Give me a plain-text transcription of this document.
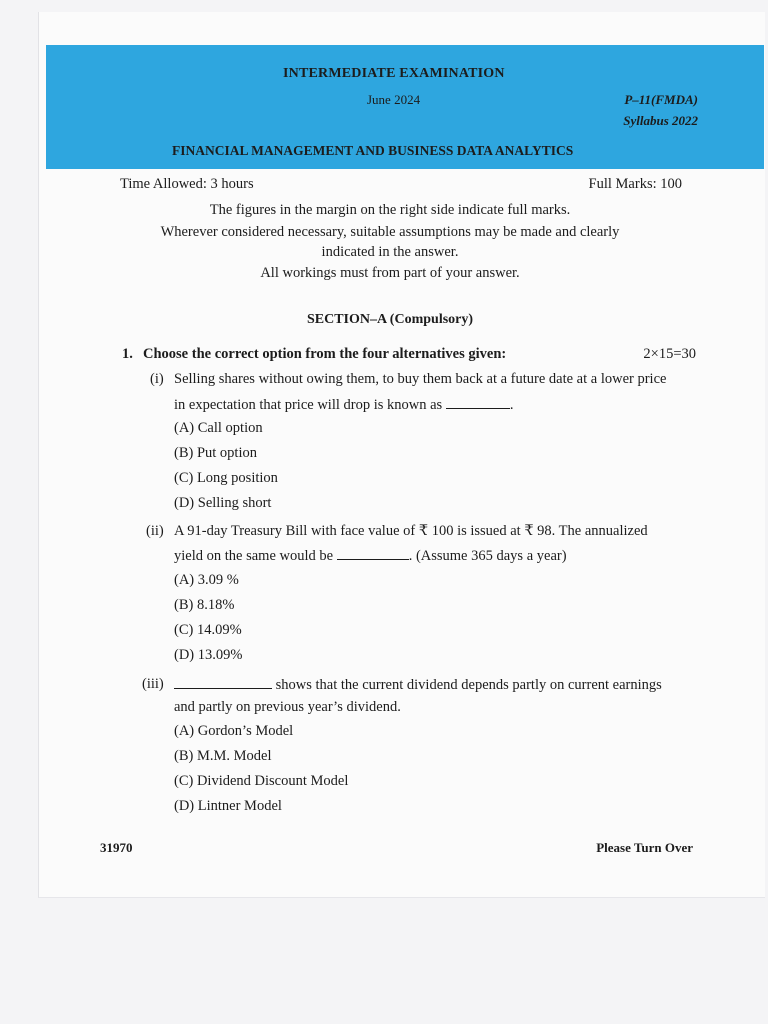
INTERMEDIATE EXAMINATION
June 2024	P–11(FMDA)
Syllabus 2022
FINANCIAL MANAGEMENT AND BUSINESS DATA ANALYTICS
Time Allowed: 3 hours	Full Marks: 100
The figures in the margin on the right side indicate full marks.
Wherever considered necessary, suitable assumptions may be made and clearly
indicated in the answer.
All workings must from part of your answer.
SECTION–A (Compulsory)
1. Choose the correct option from the four alternatives given:	2×15=30
(i) Selling shares without owing them, to buy them back at a future date at a lower price
in expectation that price will drop is known as	.
(A) Call option
(B) Put option
(C) Long position
(D) Selling short
(ii) A 91-day Treasury Bill with face value of ₹ 100 is issued at ₹ 98. The annualized
yield on the same would be	. (Assume 365 days a year)
(A) 3.09 %
(B) 8.18%
(C) 14.09%
(D) 13.09%
(iii)	shows that the current dividend depends partly on current earnings
and partly on previous year’s dividend.
(A) Gordon’s Model
(B) M.M. Model
(C) Dividend Discount Model
(D) Lintner Model
31970	Please Turn Over
